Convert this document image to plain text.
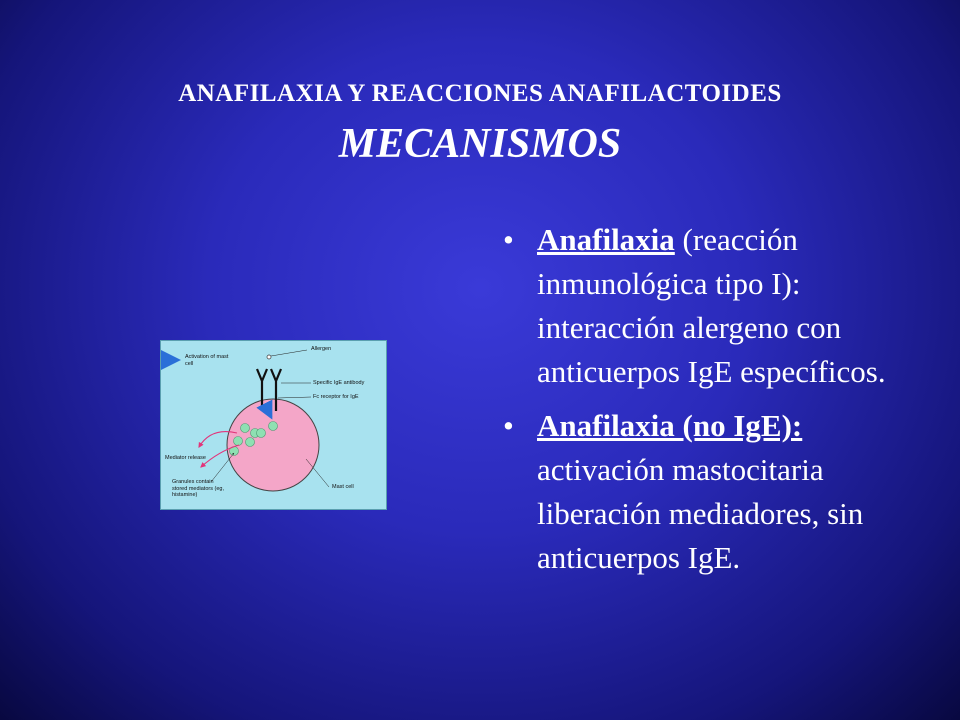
ANAFILAXIA Y REACCIONES ANAFILACTOIDES
MECANISMOS
Activation of mast cell
Allergen
Specific IgE antibody
Fc receptor for IgE
Mediator release
Granules contain stored mediators (eg, histamine)
Mast cell
• Anafilaxia (reacción inmunológica tipo I): interacción alergeno con anticuerpos IgE específicos.
• Anafilaxia (no IgE): activación mastocitaria liberación mediadores, sin anticuerpos IgE.
